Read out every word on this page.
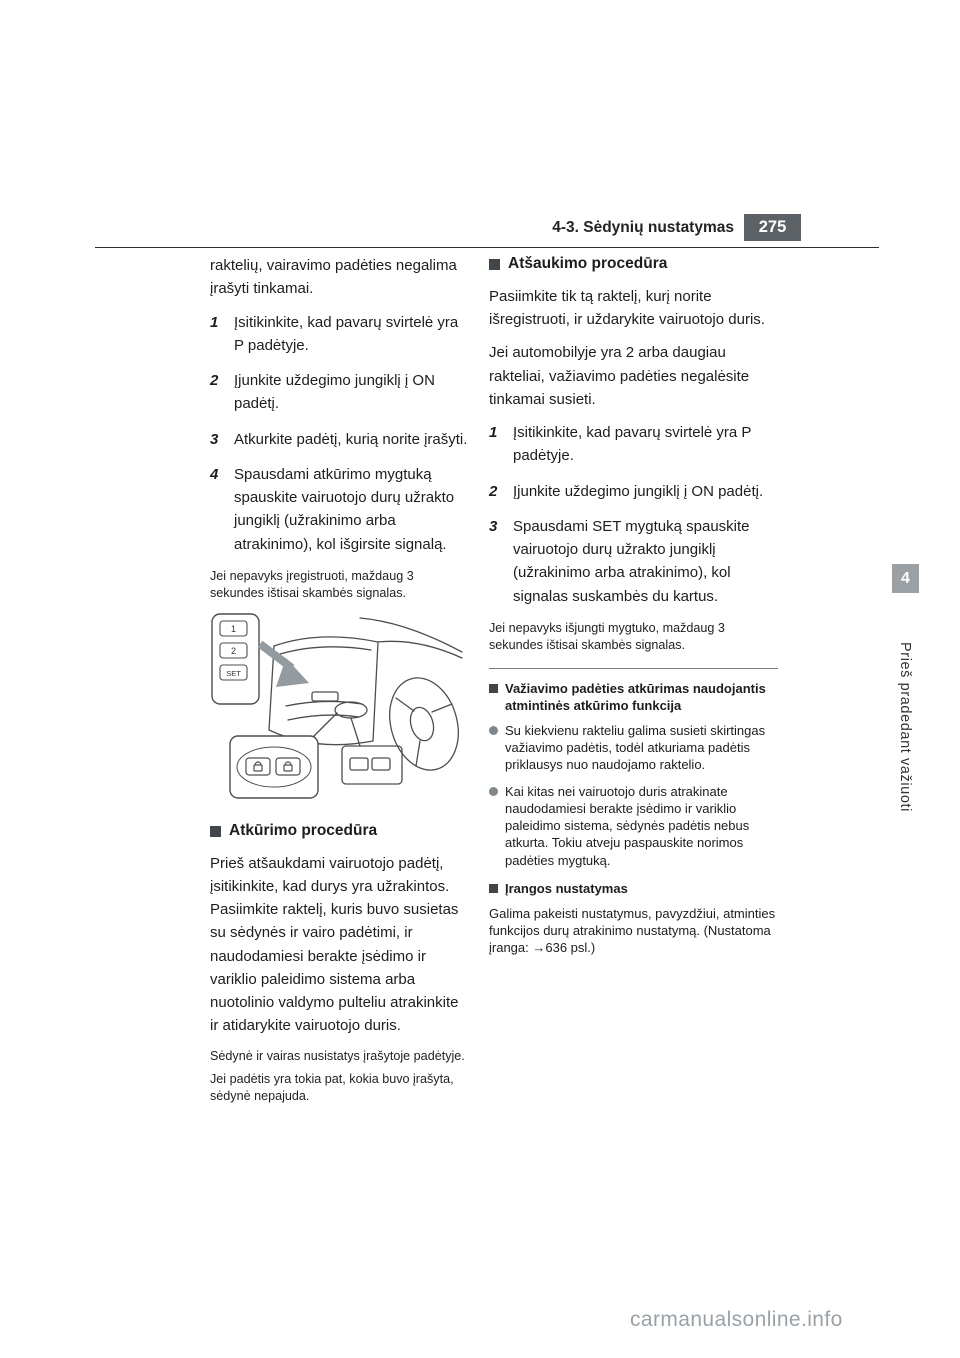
4-3. Sėdynių nustatymas	275
4
Prieš pradedant važiuoti

raktelių, vairavimo padėties negalima įrašyti tinkamai.

1	Įsitikinkite, kad pavarų svirtelė yra P padėtyje.
2	Įjunkite uždegimo jungiklį į ON padėtį.
3	Atkurkite padėtį, kurią norite įrašyti.
4	Spausdami atkūrimo mygtuką spauskite vairuotojo durų užrakto jungiklį (užrakinimo arba atrakinimo), kol išgirsite signalą.

Jei nepavyks įregistruoti, maždaug 3 sekundes ištisai skambės signalas.

1
2
SET
Atkūrimo procedūra

Prieš atšaukdami vairuotojo padėtį, įsitikinkite, kad durys yra užrakintos. Pasiimkite raktelį, kuris buvo susietas su sėdynės ir vairo padėtimi, ir naudodamiesi berakte įsėdimo ir variklio paleidimo sistema arba nuotolinio valdymo pulteliu atrakinkite ir atidarykite vairuotojo duris.

Sėdynė ir vairas nusistatys įrašytoje padėtyje.

Jei padėtis yra tokia pat, kokia buvo įrašyta, sėdynė nepajuda.

Atšaukimo procedūra

Pasiimkite tik tą raktelį, kurį norite išregistruoti, ir uždarykite vairuotojo duris.

Jei automobilyje yra 2 arba daugiau rakteliai, važiavimo padėties negalėsite tinkamai susieti.

1	Įsitikinkite, kad pavarų svirtelė yra P padėtyje.
2	Įjunkite uždegimo jungiklį į ON padėtį.
3	Spausdami SET mygtuką spauskite vairuotojo durų užrakto jungiklį (užrakinimo arba atrakinimo), kol signalas suskambės du kartus.

Jei nepavyks išjungti mygtuko, maždaug 3 sekundes ištisai skambės signalas.

Važiavimo padėties atkūrimas naudojantis atmintinės atkūrimo funkcija
Su kiekvienu rakteliu galima susieti skirtingas važiavimo padėtis, todėl atkuriama padėtis priklausys nuo naudojamo raktelio.
Kai kitas nei vairuotojo duris atrakinate naudodamiesi berakte įsėdimo ir variklio paleidimo sistema, sėdynės padėtis nebus atkurta. Tokiu atveju paspauskite norimos padėties mygtuką.
Įrangos nustatymas

Galima pakeisti nustatymus, pavyzdžiui, atminties funkcijos durų atrakinimo nustatymą. (Nustatoma įranga: →636 psl.)

carmanualsonline.info
